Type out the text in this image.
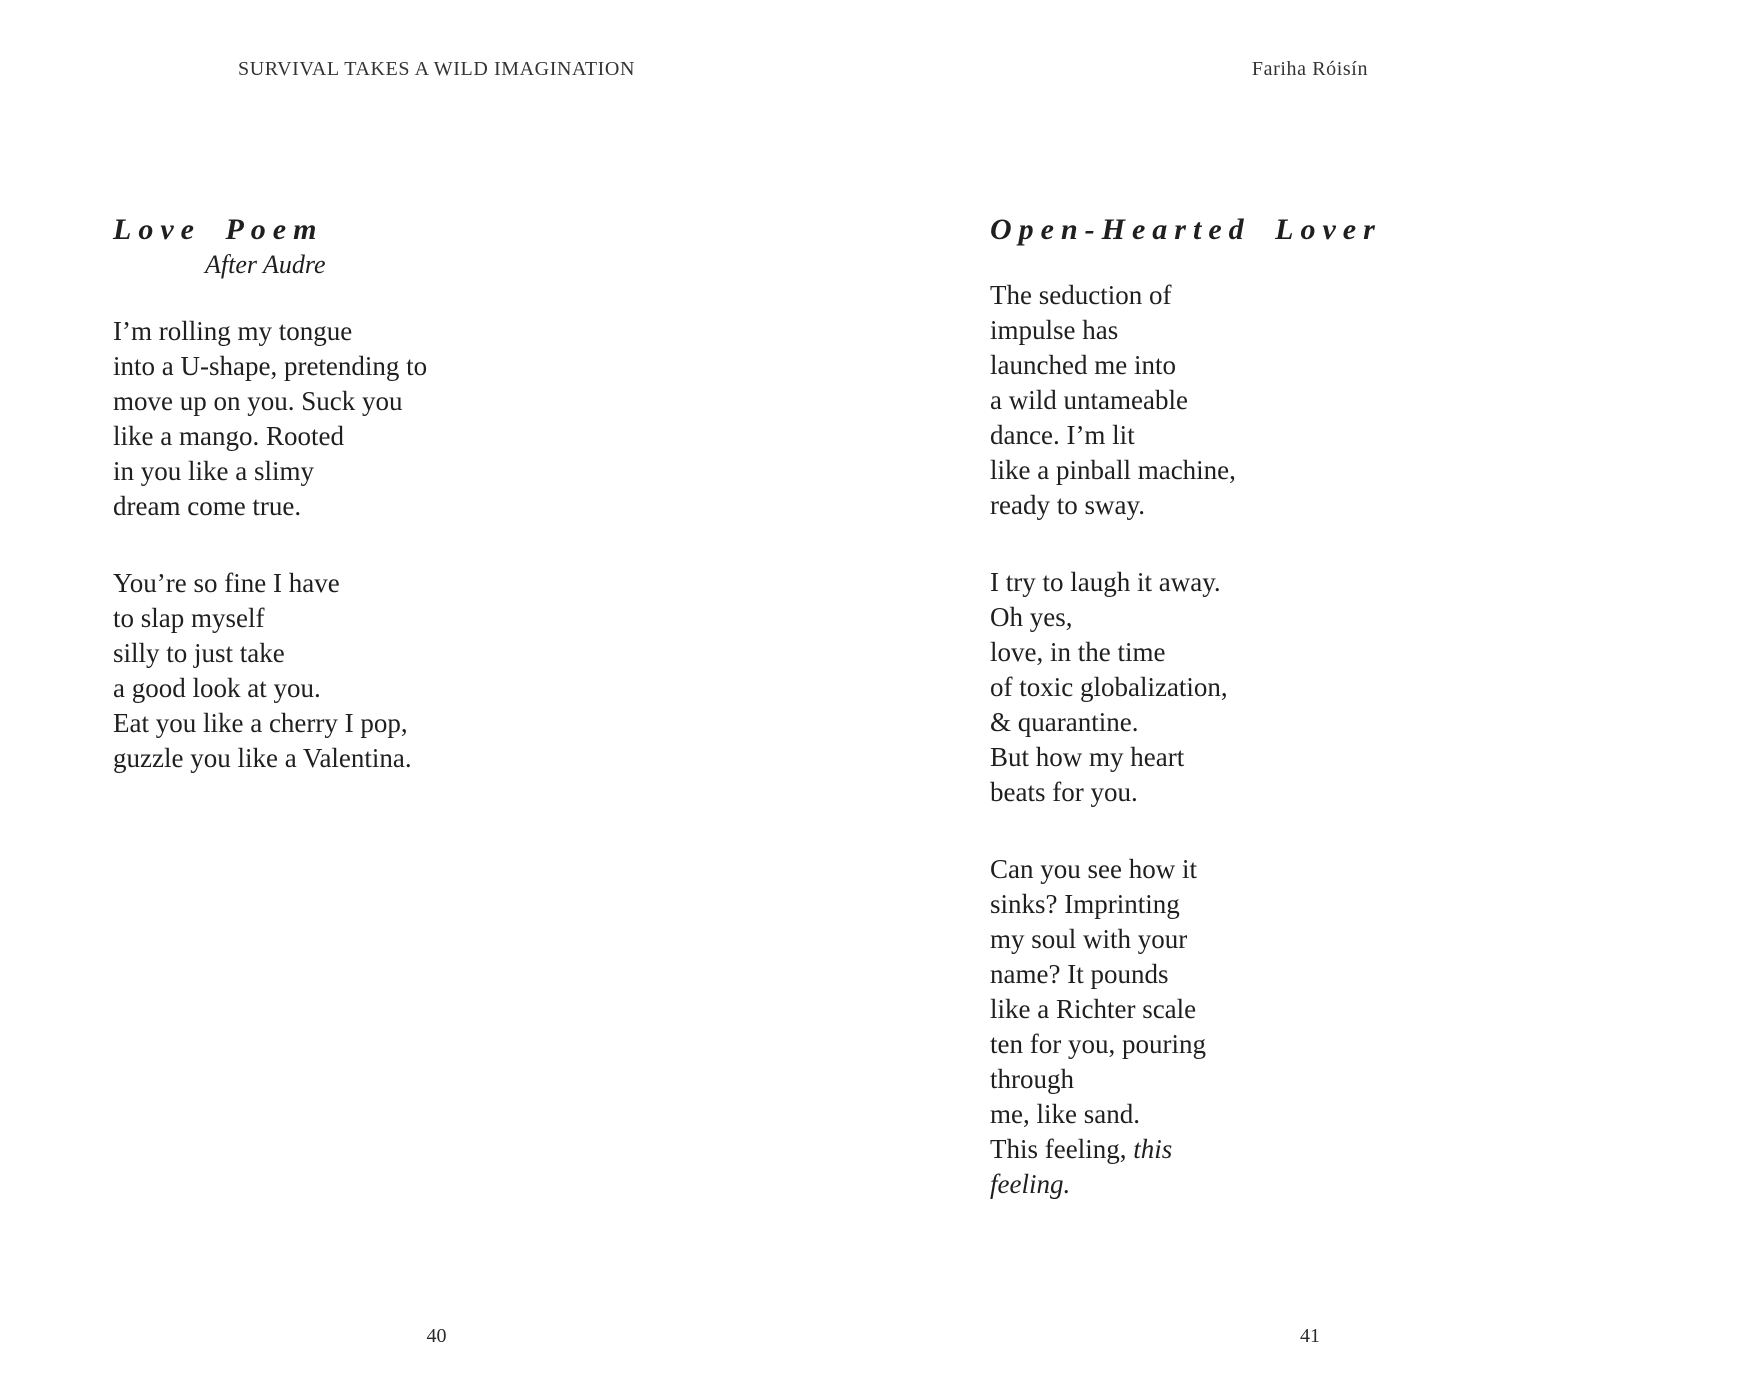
SURVIVAL TAKES A WILD IMAGINATION
Love Poem
After Audre
I’m rolling my tongue
into a U-shape, pretending to
move up on you. Suck you
like a mango. Rooted
in you like a slimy
dream come true.
You’re so fine I have
to slap myself
silly to just take
a good look at you.
Eat you like a cherry I pop,
guzzle you like a Valentina.
40
Fariha Róisín
Open-Hearted Lover
The seduction of
impulse has
launched me into
a wild untameable
dance. I’m lit
like a pinball machine,
ready to sway.
I try to laugh it away.
Oh yes,
love, in the time
of toxic globalization,
& quarantine.
But how my heart
beats for you.
Can you see how it
sinks? Imprinting
my soul with your
name? It pounds
like a Richter scale
ten for you, pouring
through
me, like sand.
This feeling, this
feeling.
41
